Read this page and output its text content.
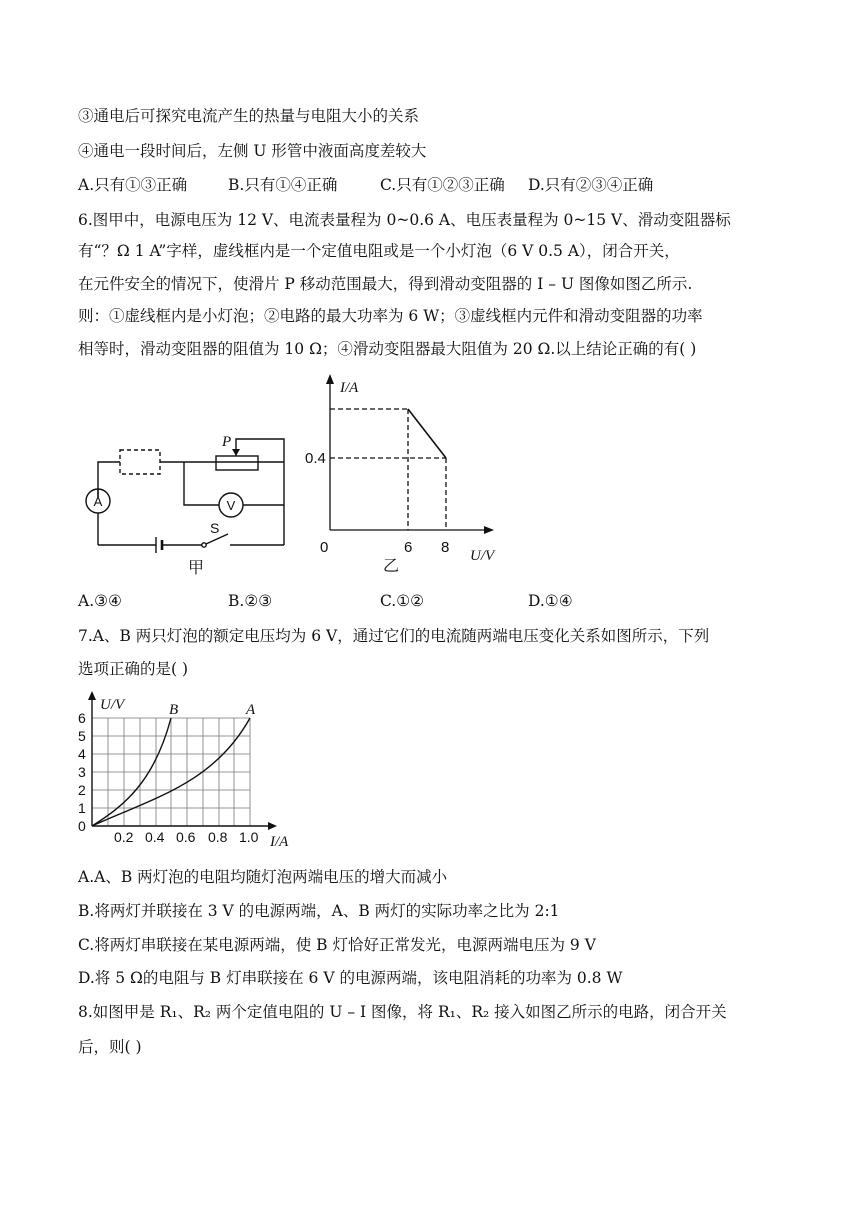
③通电后可探究电流产生的热量与电阻大小的关系
④通电一段时间后，左侧 U 形管中液面高度差较大
A.只有①③正确	B.只有①④正确	C.只有①②③正确 D.只有②③④正确
6.图甲中，电源电压为 12 V、电流表量程为 0~0.6 A、电压表量程为 0~15 V、滑动变阻器标
有“？Ω 1 A”字样，虚线框内是一个定值电阻或是一个小灯泡（6 V 0.5 A），闭合开关，
在元件安全的情况下，使滑片 P 移动范围最大，得到滑动变阻器的 I – U 图像如图乙所示.
则：①虚线框内是小灯泡；②电路的最大功率为 6 W；③虚线框内元件和滑动变阻器的功率
相等时，滑动变阻器的阻值为 10 Ω；④滑动变阻器最大阻值为 20 Ω.以上结论正确的有( )
P
A	V
S
甲
I/A
0.4
0	6 8 U/V
乙
A.③④	B.②③	C.①②	D.①④
7.A、B 两只灯泡的额定电压均为 6 V，通过它们的电流随两端电压变化关系如图所示，下列
选项正确的是( )
U/V
0
1
2
3
4
5
6
0.2 0.4 0.6 0.8 1.0 I/A
B	A
A.A、B 两灯泡的电阻均随灯泡两端电压的增大而减小
B.将两灯并联接在 3 V 的电源两端，A、B 两灯的实际功率之比为 2:1
C.将两灯串联接在某电源两端，使 B 灯恰好正常发光，电源两端电压为 9 V
D.将 5 Ω的电阻与 B 灯串联接在 6 V 的电源两端，该电阻消耗的功率为 0.8 W
8.如图甲是 R₁、R₂ 两个定值电阻的 U – I 图像，将 R₁、R₂ 接入如图乙所示的电路，闭合开关
后，则( )
